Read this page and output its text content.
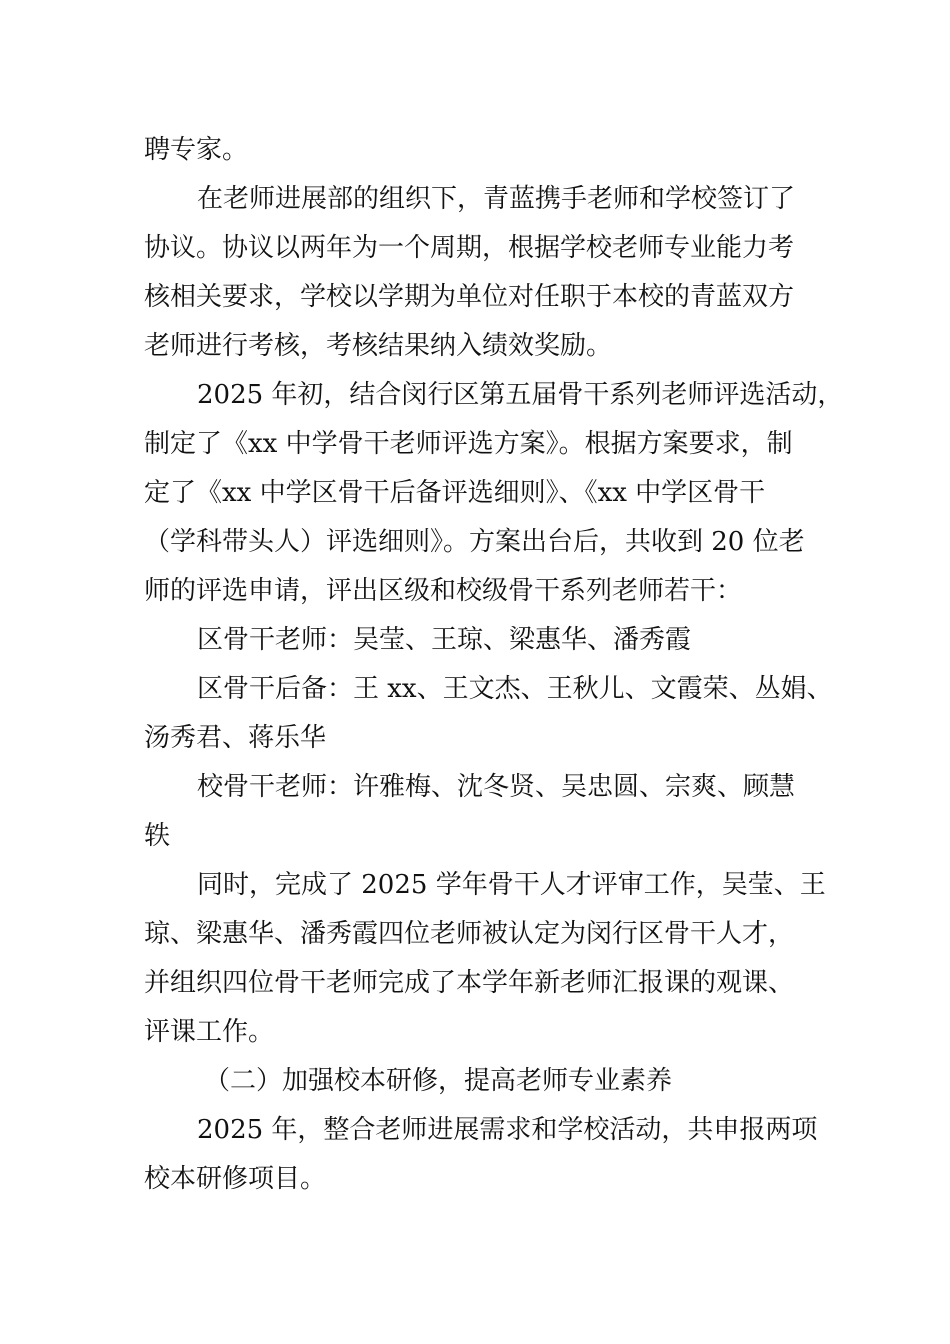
聘专家。
在老师进展部的组织下，青蓝携手老师和学校签订了
协议。协议以两年为一个周期，根据学校老师专业能力考
核相关要求，学校以学期为单位对任职于本校的青蓝双方
老师进行考核，考核结果纳入绩效奖励。
2025 年初，结合闵行区第五届骨干系列老师评选活动，
制定了《xx 中学骨干老师评选方案》。根据方案要求，制
定了《xx 中学区骨干后备评选细则》、《xx 中学区骨干
（学科带头人）评选细则》。方案出台后，共收到 20 位老
师的评选申请，评出区级和校级骨干系列老师若干：
区骨干老师：吴莹、王琼、梁惠华、潘秀霞
区骨干后备：王 xx、王文杰、王秋儿、文霞荣、丛娟、
汤秀君、蒋乐华
校骨干老师：许雅梅、沈冬贤、吴忠圆、宗爽、顾慧
轶
同时，完成了 2025 学年骨干人才评审工作，吴莹、王
琼、梁惠华、潘秀霞四位老师被认定为闵行区骨干人才，
并组织四位骨干老师完成了本学年新老师汇报课的观课、
评课工作。
（二）加强校本研修，提高老师专业素养
2025 年，整合老师进展需求和学校活动，共申报两项
校本研修项目。
